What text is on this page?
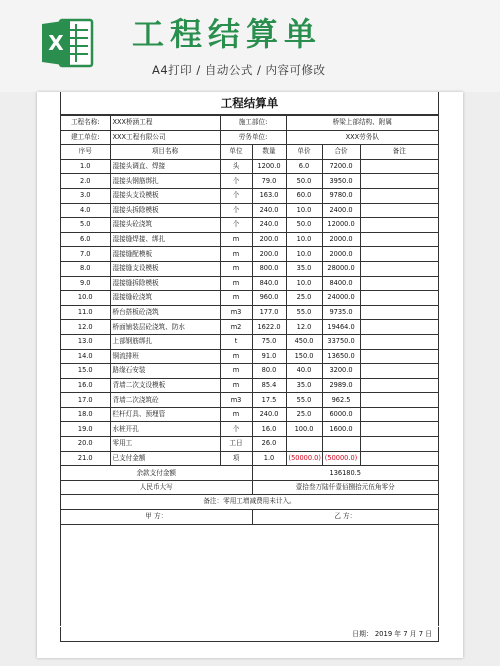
X 工程结算单
A4打印 / 自动公式 / 内容可修改
工程结算单
工程名称:	XXX桥涵工程	施工部位:		桥梁上部结构、附属		
建工单位:	XXX工程有限公司	劳务单位:		XXX劳务队		
序号	项目名称	单位	数量	单价	合价	备注
1.0	湿接头调直、焊接	头	1200.0	6.0	7200.0	
2.0	湿接头钢筋绑扎	个	79.0	50.0	3950.0	
3.0	湿接头支设模板	个	163.0	60.0	9780.0	
4.0	湿接头拆除模板	个	240.0	10.0	2400.0	
5.0	湿接头砼浇筑	个	240.0	50.0	12000.0	
6.0	湿接缝焊接、绑扎	m	200.0	10.0	2000.0	
7.0	湿接缝配模板	m	200.0	10.0	2000.0	
8.0	湿接缝支设模板	m	800.0	35.0	28000.0	
9.0	湿接缝拆除模板	m	840.0	10.0	8400.0	
10.0	湿接缝砼浇筑	m	960.0	25.0	24000.0	
11.0	桥台搭板砼浇筑	m3	177.0	55.0	9735.0	
12.0	桥面铺装层砼浇筑、防水	m2	1622.0	12.0	19464.0	
13.0	上部钢筋绑扎	t	75.0	450.0	33750.0	
14.0	铜流排班	m	91.0	150.0	13650.0	
15.0	路缘石安装	m	80.0	40.0	3200.0	
16.0	背墙二次支设模板	m	85.4	35.0	2989.0	
17.0	背墙二次浇筑砼	m3	17.5	55.0	962.5	
18.0	栏杆灯具、预埋管	m	240.0	25.0	6000.0	
19.0	水桩开孔	个	16.0	100.0	1600.0	
20.0	零用工	工日	26.0			
21.0	已支付金额	项	1.0	(50000.0)	(50000.0)	
余款支付金额			136180.5			
人民币大写			壹拾叁万陆仟壹佰捌拾元伍角零分			
备注：零用工增减费用未计入。						
甲 方：			乙 方：			
日期： 2019 年 7 月 7 日
